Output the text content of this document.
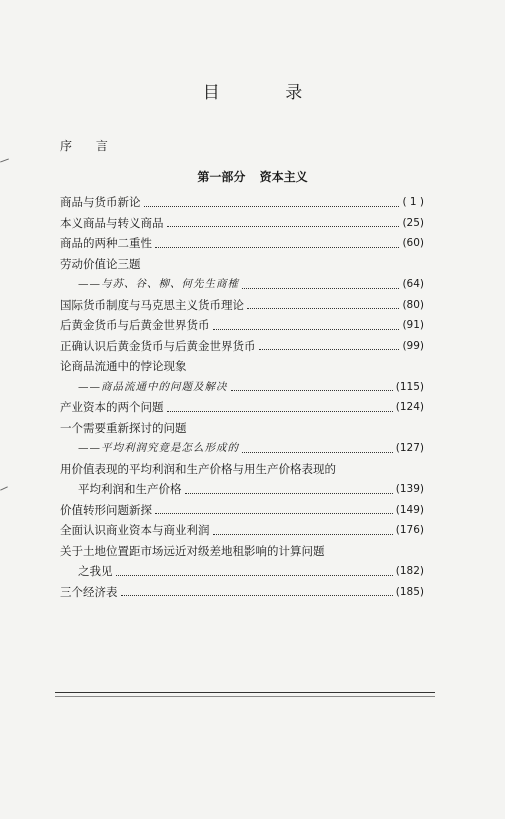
目 录
序 言
第一部分 资本主义
商品与货币新论	( 1 )
本义商品与转义商品	(25)
商品的两种二重性	(60)
劳动价值论三题
——与苏、谷、柳、何先生商榷	(64)
国际货币制度与马克思主义货币理论	(80)
后黄金货币与后黄金世界货币	(91)
正确认识后黄金货币与后黄金世界货币	(99)
论商品流通中的悖论现象
——商品流通中的问题及解决	(115)
产业资本的两个问题	(124)
一个需要重新探讨的问题
——平均利润究竟是怎么形成的	(127)
用价值表现的平均利润和生产价格与用生产价格表现的
平均利润和生产价格	(139)
价值转形问题新探	(149)
全面认识商业资本与商业利润	(176)
关于土地位置距市场远近对级差地租影响的计算问题
之我见	(182)
三个经济表	(185)
